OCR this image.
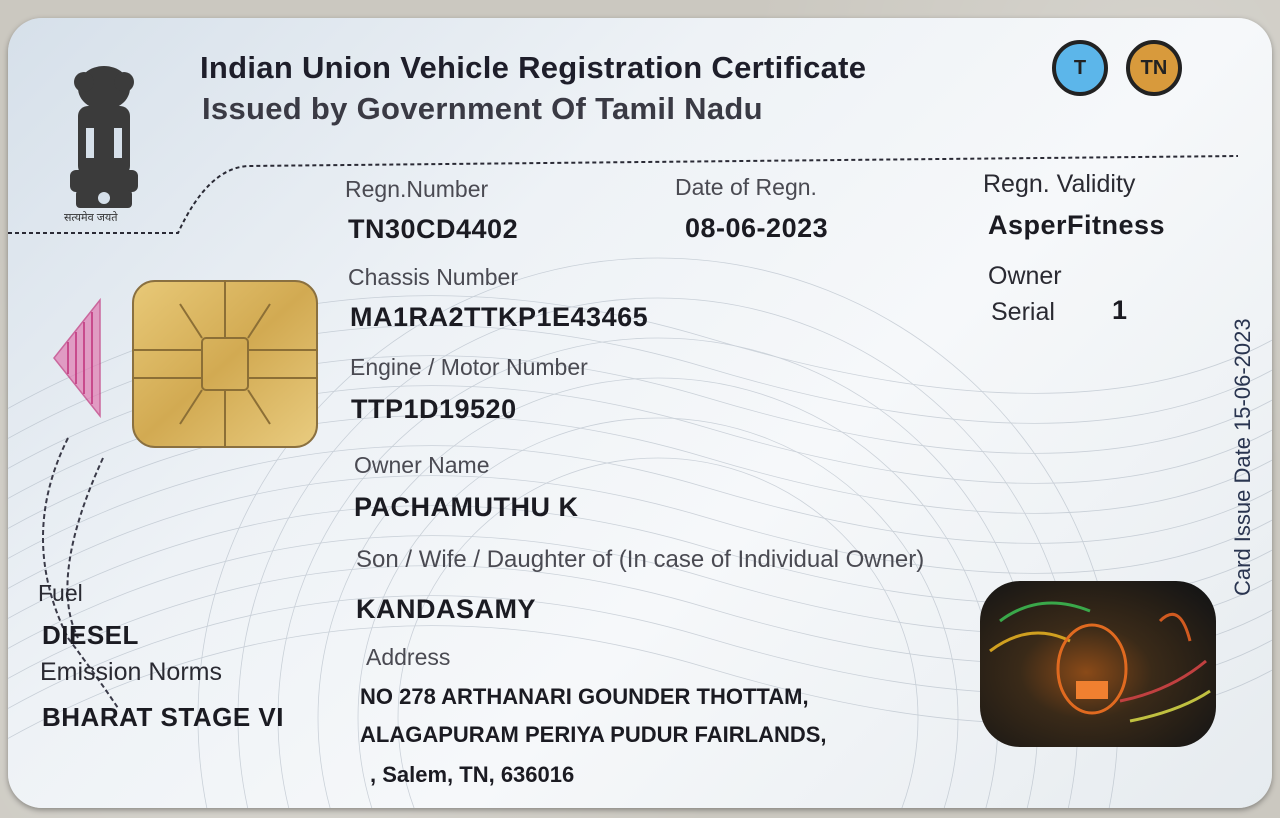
सत्यमेव जयते
Indian Union Vehicle Registration Certificate
Issued by Government Of Tamil Nadu
T	TN
Regn.Number
TN30CD4402
Date of Regn.
08-06-2023
Regn. Validity
AsperFitness
Owner
Serial 1
Chassis Number
MA1RA2TTKP1E43465
Engine / Motor Number
TTP1D19520
Owner Name
PACHAMUTHU K
Son / Wife / Daughter of (In case of Individual Owner)
KANDASAMY
Address
NO 278 ARTHANARI GOUNDER THOTTAM,
ALAGAPURAM PERIYA PUDUR FAIRLANDS,
, Salem, TN, 636016
Fuel
DIESEL
Emission Norms
BHARAT STAGE VI
Card Issue Date 15-06-2023
